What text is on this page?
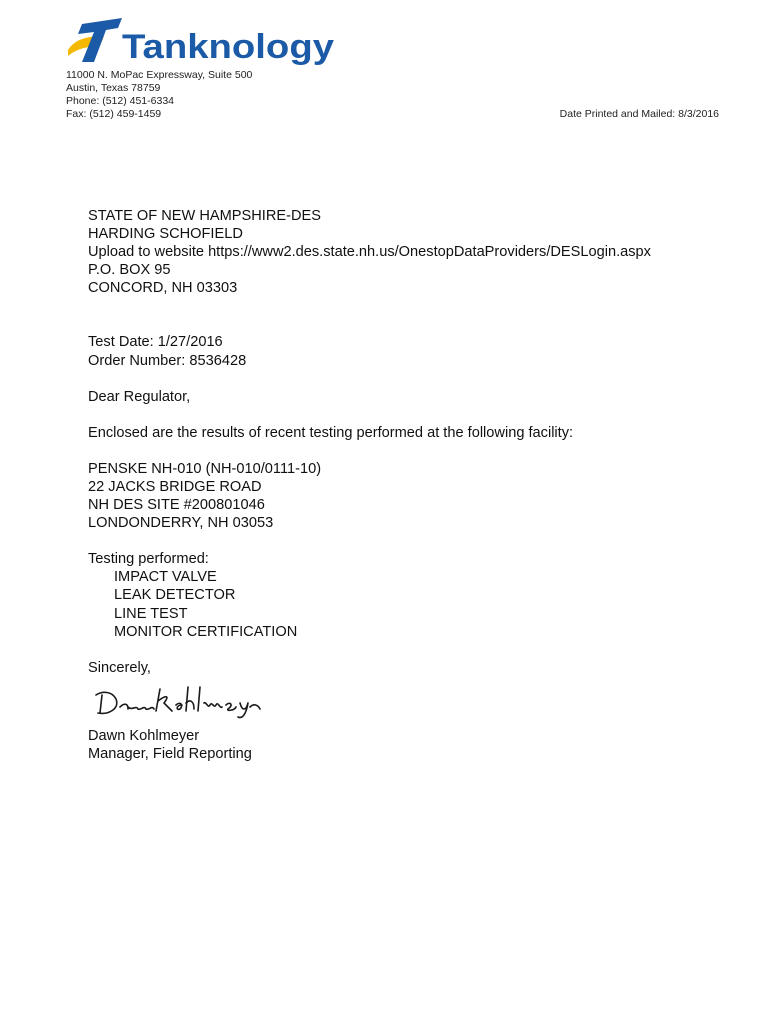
Tanknology
11000 N. MoPac Expressway, Suite 500
Austin, Texas 78759
Phone: (512) 451-6334
Fax: (512) 459-1459	Date Printed and Mailed: 8/3/2016
STATE OF NEW HAMPSHIRE-DES
HARDING SCHOFIELD
Upload to website https://www2.des.state.nh.us/OnestopDataProviders/DESLogin.aspx
P.O. BOX 95
CONCORD, NH 03303
Test Date: 1/27/2016
Order Number: 8536428
Dear Regulator,
Enclosed are the results of recent testing performed at the following facility:
PENSKE NH-010 (NH-010/0111-10)
22 JACKS BRIDGE ROAD
NH DES SITE #200801046
LONDONDERRY, NH 03053
Testing performed:
IMPACT VALVE
LEAK DETECTOR
LINE TEST
MONITOR CERTIFICATION
Sincerely,
Dawn Kohlmeyer
Manager, Field Reporting
